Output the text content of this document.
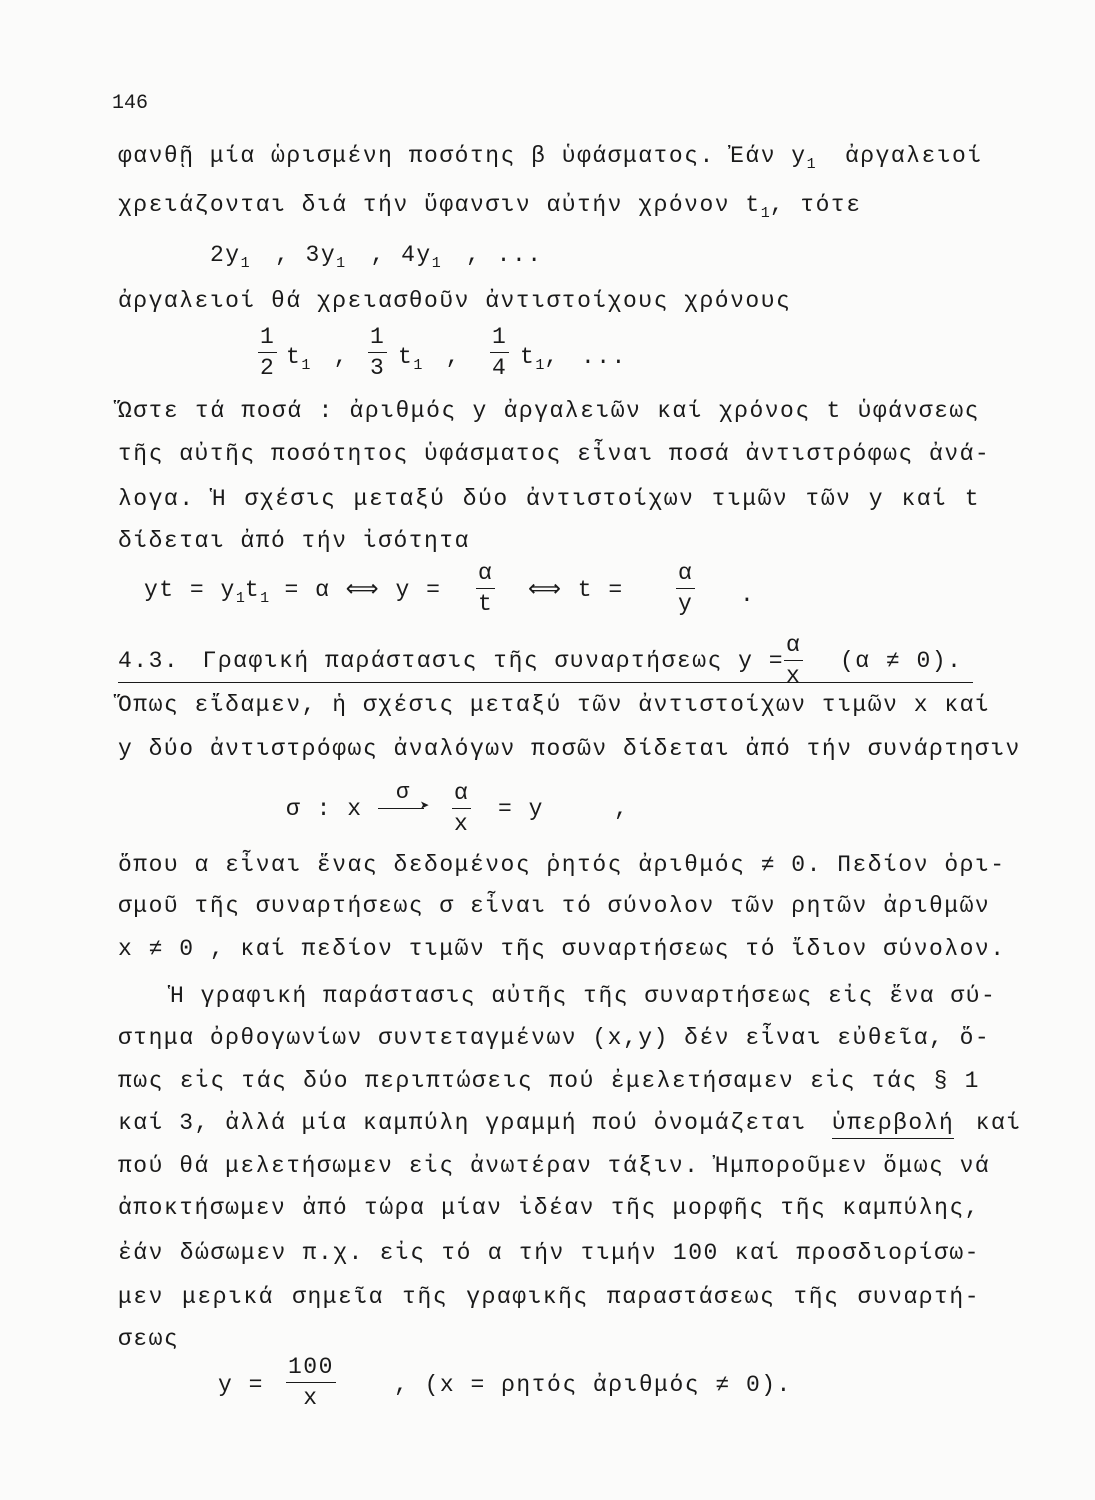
146
φανθῇ μία ὡρισμένη ποσότης β ὑφάσματος. Ἐάν $y_1$ ἀργαλειοί
χρειάζονται διά τήν ὕφανσιν αὐτήν χρόνον $t_1$, τότε
$2y_1$ , $3y_1$ , $4y_1$ , ...
ἀργαλειοί θά χρειασθοῦν ἀντιστοίχους χρόνους
$\frac{1}{2} t_1$ , $\frac{1}{3} t_1$ , $\frac{1}{4} t_1$, ...
Ὥστε τά ποσά : ἀριθμός y ἀργαλειῶν καί χρόνος t ὑφάνσεως
τῆς αὐτῆς ποσότητος ὑφάσματος εἶναι ποσά ἀντιστρόφως ἀνά-
λογα. Ἡ σχέσις μεταξύ δύο ἀντιστοίχων τιμῶν τῶν y καί t
δίδεται ἀπό τήν ἰσότητα
yt = $y_1t_1 = \alpha$ ⟺ $y = \frac{\alpha}{t}$ ⟺ $t = \frac{\alpha}{y}$ .
4.3. Γραφική παράστασις τῆς συναρτήσεως $y = \frac{\alpha}{x} (\alpha \ne 0)$.
Ὅπως εἴδαμεν, ἡ σχέσις μεταξύ τῶν ἀντιστοίχων τιμῶν x καί
y δύο ἀντιστρόφως ἀναλόγων ποσῶν δίδεται ἀπό τήν συνάρτησιν
σ : x
σ
➤ $\frac{\alpha}{x} = y$	,
ὅπου α εἶναι ἕνας δεδομένος ῥητός ἀριθμός ≠ 0. Πεδίον ὁρι-
σμοῦ τῆς συναρτήσεως σ εἶναι τό σύνολον τῶν ρητῶν ἀριθμῶν
x ≠ 0 , καί πεδίον τιμῶν τῆς συναρτήσεως τό ἴδιον σύνολον.
Ἡ γραφική παράστασις αὐτῆς τῆς συναρτήσεως εἰς ἕνα σύ-
στημα ὀρθογωνίων συντεταγμένων (x,y) δέν εἶναι εὐθεῖα, ὅ-
πως εἰς τάς δύο περιπτώσεις πού ἐμελετήσαμεν εἰς τάς § 1
καί 3, ἀλλά μία καμπύλη γραμμή πού ὀνομάζεται ὑπερβολή καί
πού θά μελετήσωμεν εἰς ἀνωτέραν τάξιν. Ἠμποροῦμεν ὅμως νά
ἀποκτήσωμεν ἀπό τώρα μίαν ἰδέαν τῆς μορφῆς τῆς καμπύλης,
ἐάν δώσωμεν π.χ. εἰς τό α τήν τιμήν 100 καί προσδιορίσω-
μεν μερικά σημεῖα τῆς γραφικῆς παραστάσεως τῆς συναρτή-
σεως
$y = \frac{100}{x}$	, (x = ρητός ἀριθμός ≠ 0).
